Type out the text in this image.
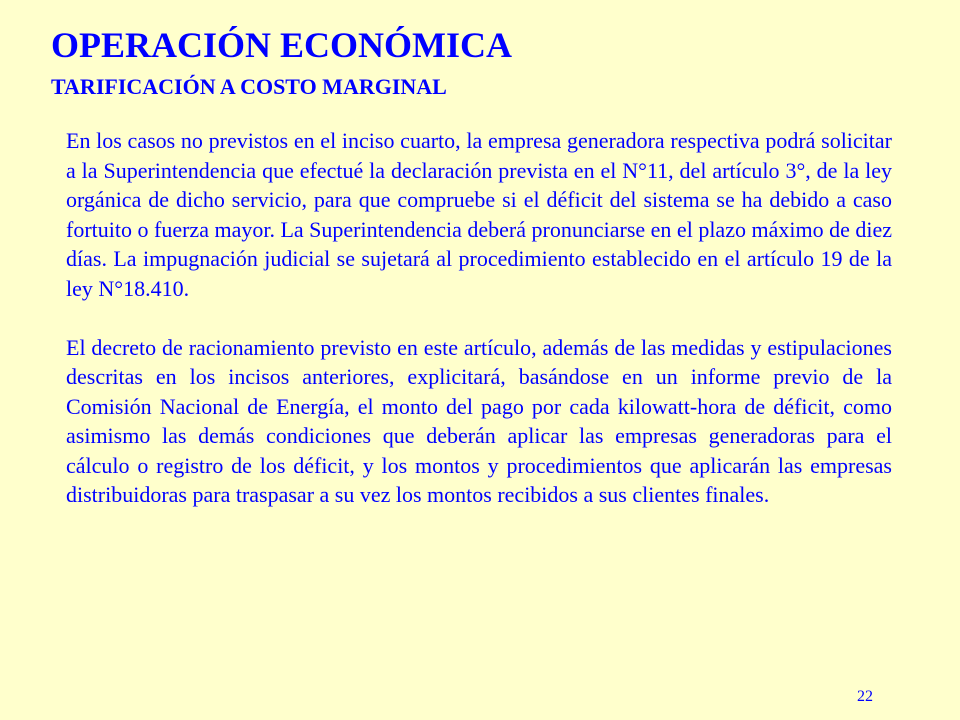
OPERACIÓN ECONÓMICA
TARIFICACIÓN A COSTO MARGINAL

En los casos no previstos en el inciso cuarto, la empresa generadora respectiva podrá solicitar a la Superintendencia que efectué la declaración prevista en el N°11, del artículo 3°, de la ley orgánica de dicho servicio, para que compruebe si el déficit del sistema se ha debido a caso fortuito o fuerza mayor. La Superintendencia deberá pronunciarse en el plazo máximo de diez días. La impugnación judicial se sujetará al procedimiento establecido en el artículo 19 de la ley N°18.410.

El decreto de racionamiento previsto en este artículo, además de las medidas y estipulaciones descritas en los incisos anteriores, explicitará, basándose en un informe previo de la Comisión Nacional de Energía, el monto del pago por cada kilowatt-hora de déficit, como asimismo las demás condiciones que deberán aplicar las empresas generadoras para el cálculo o registro de los déficit, y los montos y procedimientos que aplicarán las empresas distribuidoras para traspasar a su vez los montos recibidos a sus clientes finales.

22
